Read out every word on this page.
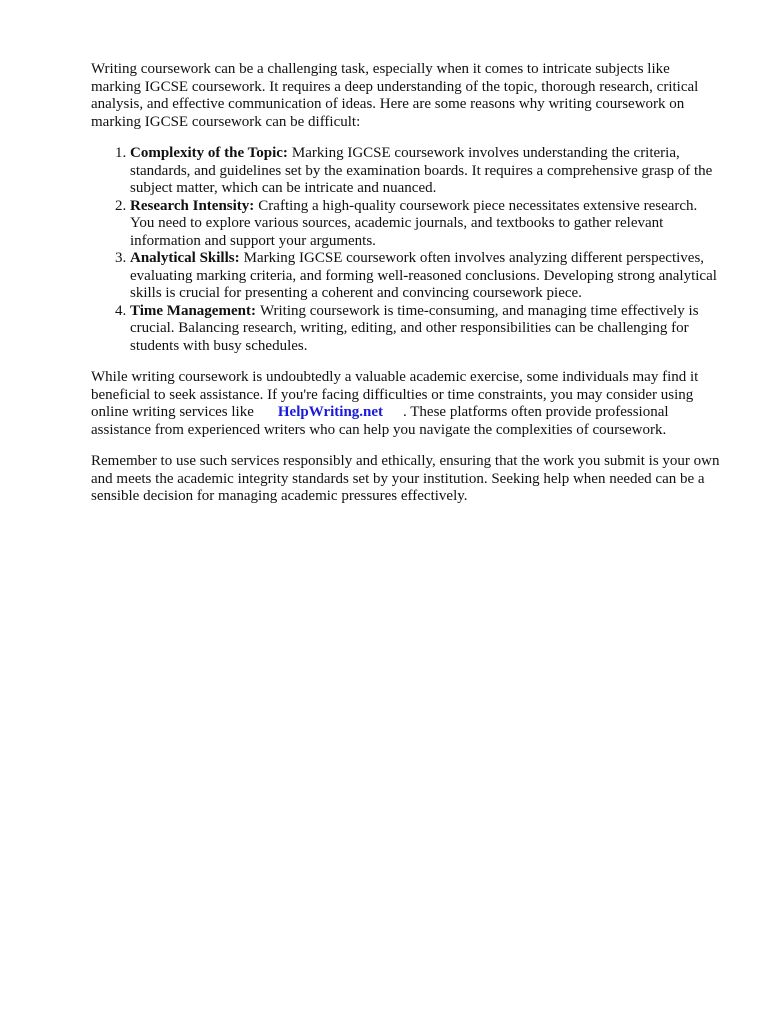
Writing coursework can be a challenging task, especially when it comes to intricate subjects like marking IGCSE coursework. It requires a deep understanding of the topic, thorough research, critical analysis, and effective communication of ideas. Here are some reasons why writing coursework on marking IGCSE coursework can be difficult:

1. Complexity of the Topic: Marking IGCSE coursework involves understanding the criteria, standards, and guidelines set by the examination boards. It requires a comprehensive grasp of the subject matter, which can be intricate and nuanced.
2. Research Intensity: Crafting a high-quality coursework piece necessitates extensive research. You need to explore various sources, academic journals, and textbooks to gather relevant information and support your arguments.
3. Analytical Skills: Marking IGCSE coursework often involves analyzing different perspectives, evaluating marking criteria, and forming well-reasoned conclusions. Developing strong analytical skills is crucial for presenting a coherent and convincing coursework piece.
4. Time Management: Writing coursework is time-consuming, and managing time effectively is crucial. Balancing research, writing, editing, and other responsibilities can be challenging for students with busy schedules.

While writing coursework is undoubtedly a valuable academic exercise, some individuals may find it beneficial to seek assistance. If you're facing difficulties or time constraints, you may consider using online writing services like HelpWriting.net . These platforms often provide professional assistance from experienced writers who can help you navigate the complexities of coursework.

Remember to use such services responsibly and ethically, ensuring that the work you submit is your own and meets the academic integrity standards set by your institution. Seeking help when needed can be a sensible decision for managing academic pressures effectively.
